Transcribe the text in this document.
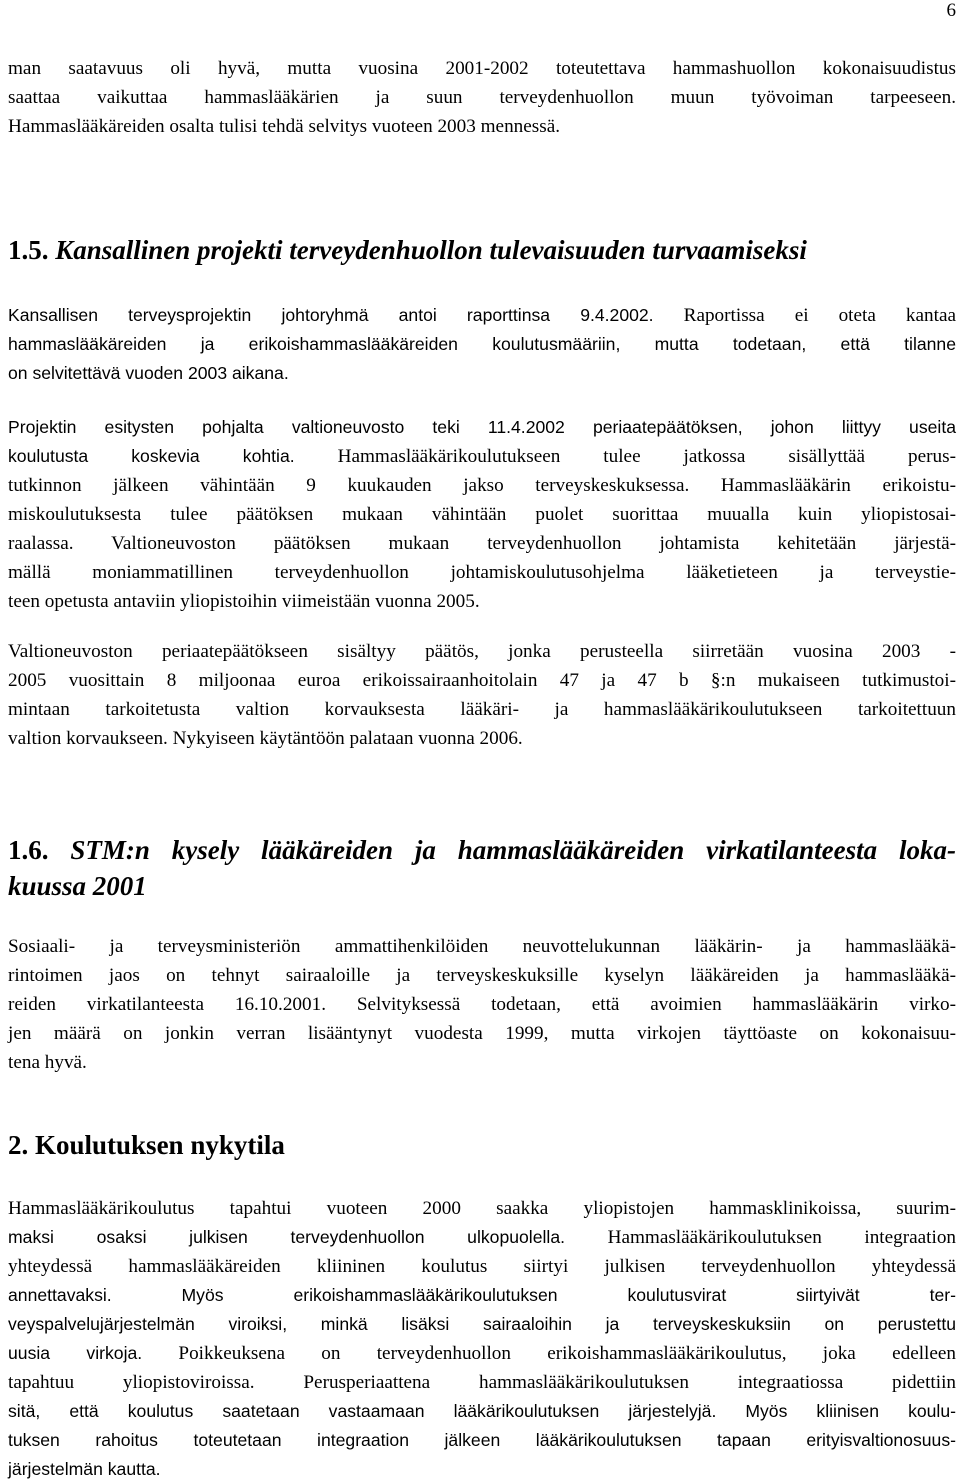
6
man saatavuus oli hyvä, mutta vuosina 2001-2002 toteutettava hammashuollon kokonaisuudistus
saattaa vaikuttaa hammaslääkärien ja suun terveydenhuollon muun työvoiman tarpeeseen.
Hammaslääkäreiden osalta tulisi tehdä selvitys vuoteen 2003 mennessä.
1.5. Kansallinen projekti terveydenhuollon tulevaisuuden turvaamiseksi
Kansallisen terveysprojektin johtoryhmä antoi raporttinsa 9.4.2002. Raportissa ei oteta kantaa
hammaslääkäreiden ja erikoishammaslääkäreiden koulutusmääriin, mutta todetaan, että tilanne
on selvitettävä vuoden 2003 aikana.
Projektin esitysten pohjalta valtioneuvosto teki 11.4.2002 periaatepäätöksen, johon liittyy useita
koulutusta koskevia kohtia. Hammaslääkärikoulutukseen tulee jatkossa sisällyttää perus-
tutkinnon jälkeen vähintään 9 kuukauden jakso terveyskeskuksessa. Hammaslääkärin erikoistu-
miskoulutuksesta tulee päätöksen mukaan vähintään puolet suorittaa muualla kuin yliopistosai-
raalassa. Valtioneuvoston päätöksen mukaan terveydenhuollon johtamista kehitetään järjestä-
mällä moniammatillinen terveydenhuollon johtamiskoulutusohjelma lääketieteen ja terveystie-
teen opetusta antaviin yliopistoihin viimeistään vuonna 2005.
Valtioneuvoston periaatepäätökseen sisältyy päätös, jonka perusteella siirretään vuosina 2003 -
2005 vuosittain 8 miljoonaa euroa erikoissairaanhoitolain 47 ja 47 b §:n mukaiseen tutkimustoi-
mintaan tarkoitetusta valtion korvauksesta lääkäri- ja hammaslääkärikoulutukseen tarkoitettuun
valtion korvaukseen. Nykyiseen käytäntöön palataan vuonna 2006.
1.6. STM:n kysely lääkäreiden ja hammaslääkäreiden virkatilanteesta loka-
kuussa 2001
Sosiaali- ja terveysministeriön ammattihenkilöiden neuvottelukunnan lääkärin- ja hammaslääkä-
rintoimen jaos on tehnyt sairaaloille ja terveyskeskuksille kyselyn lääkäreiden ja hammaslääkä-
reiden virkatilanteesta 16.10.2001. Selvityksessä todetaan, että avoimien hammaslääkärin virko-
jen määrä on jonkin verran lisääntynyt vuodesta 1999, mutta virkojen täyttöaste on kokonaisuu-
tena hyvä.
2. Koulutuksen nykytila
Hammaslääkärikoulutus tapahtui vuoteen 2000 saakka yliopistojen hammasklinikoissa, suurim-
maksi osaksi julkisen terveydenhuollon ulkopuolella. Hammaslääkärikoulutuksen integraation
yhteydessä hammaslääkäreiden kliininen koulutus siirtyi julkisen terveydenhuollon yhteydessä
annettavaksi.	Myös erikoishammaslääkärikoulutuksen koulutusvirat siirtyivät ter-
veyspalvelujärjestelmän viroiksi, minkä lisäksi sairaaloihin ja terveyskeskuksiin on perustettu
uusia virkoja. Poikkeuksena on terveydenhuollon erikoishammaslääkärikoulutus, joka edelleen
tapahtuu yliopistoviroissa.	Perusperiaattena hammaslääkärikoulutuksen integraatiossa pidettiin
sitä, että koulutus saatetaan vastaamaan lääkärikoulutuksen järjestelyjä. Myös kliinisen koulu-
tuksen rahoitus toteutetaan integraation jälkeen lääkärikoulutuksen tapaan erityisvaltionosuus-
järjestelmän kautta.
